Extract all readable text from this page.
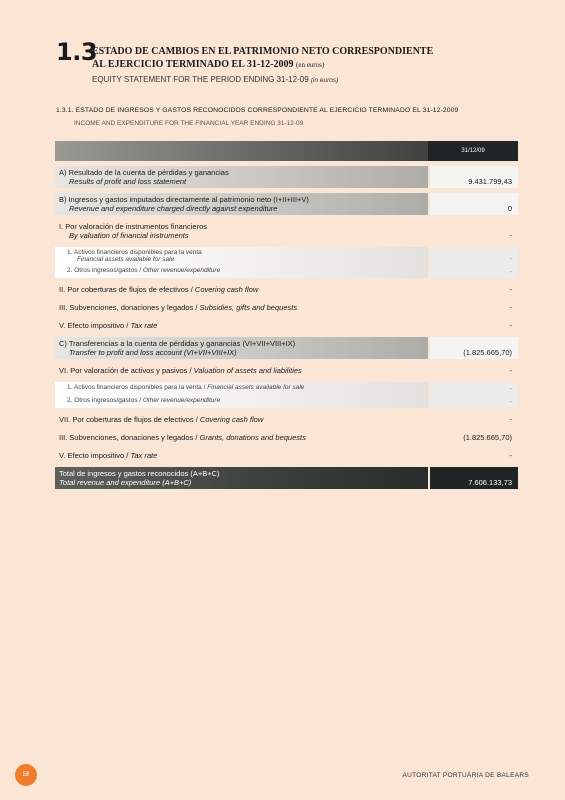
1.3
ESTADO DE CAMBIOS EN EL PATRIMONIO NETO CORRESPONDIENTE
AL EJERCICIO TERMINADO EL 31-12-2009 (en euros)
EQUITY STATEMENT FOR THE PERIOD ENDING 31-12-09 (in euros)
1.3.1. ESTADO DE INGRESOS Y GASTOS RECONOCIDOS CORRESPONDIENTE AL EJERCICIO TERMINADO EL 31-12-2009
INCOME AND EXPENDITURE FOR THE FINANCIAL YEAR ENDING 31-12-09
31/12/09
A) Resultado de la cuenta de pérdidas y ganancias
Results of profit and loss statement	9.431.799,43
B) Ingresos y gastos imputados directamente al patrimonio neto (I+II+III+V)
Revenue and expenditure charged directly against expenditure	0
I. Por valoración de instrumentos financieros
By valuation of financial instruments	-
1. Activos financieros disponibles para la venta
Financial assets available for sale	-
2. Otros ingresos/gastos / Other revenue/expenditure	-
II. Por coberturas de flujos de efectivos / Covering cash flow	-
III. Subvenciones, donaciones y legados / Subsidies, gifts and bequests	-
V. Efecto impositivo / Tax rate	-
C) Transferencias a la cuenta de pérdidas y ganancias (VI+VII+VIII+IX)
Transfer to profit and loss account (VI+VII+VIII+IX)	(1.825.665,70)
VI. Por valoración de activos y pasivos / Valuation of assets and liabilities	-
1. Activos financieros disponibles para la venta / Financial assets available for sale	-
2. Otros ingresos/gastos / Other revenue/expenditure	-
VII. Por coberturas de flujos de efectivos / Covering cash flow	-
III. Subvenciones, donaciones y legados / Grants, donations and bequests	(1.825.665,70)
V. Efecto impositivo / Tax rate	-
Total de ingresos y gastos reconocidos (A+B+C)
Total revenue and expenditure (A+B+C)	7.606.133,73
58	AUTORITAT PORTUÀRIA DE BALEARS
